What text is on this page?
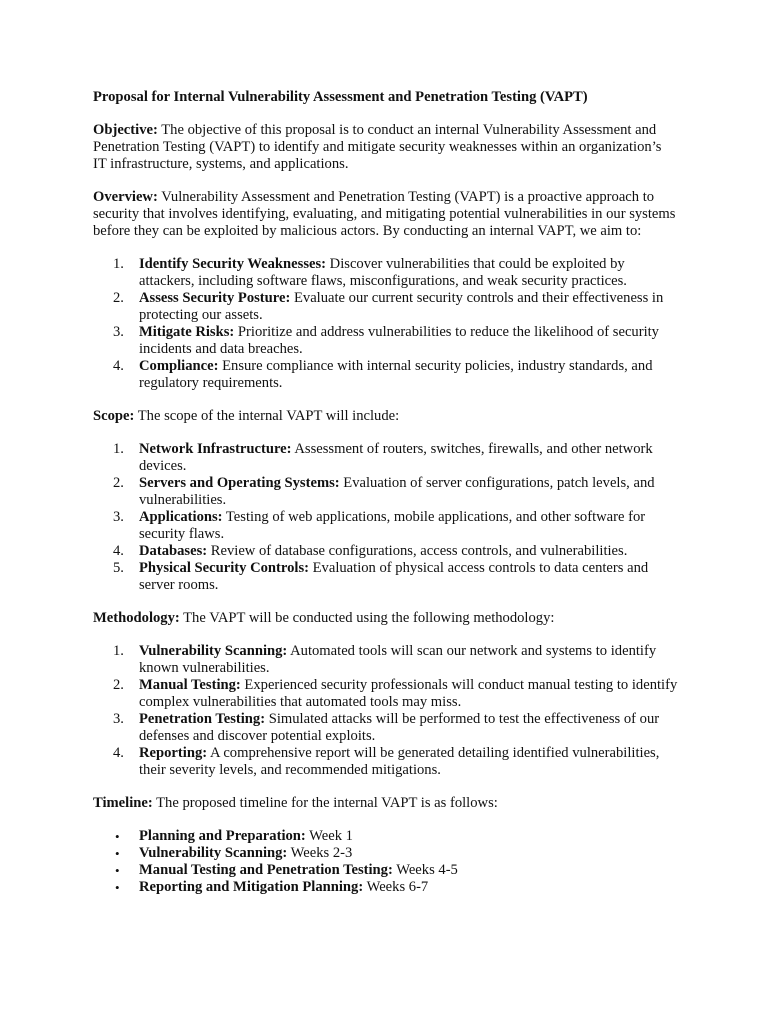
Proposal for Internal Vulnerability Assessment and Penetration Testing (VAPT)

Objective: The objective of this proposal is to conduct an internal Vulnerability Assessment and Penetration Testing (VAPT) to identify and mitigate security weaknesses within an organization’s IT infrastructure, systems, and applications.

Overview: Vulnerability Assessment and Penetration Testing (VAPT) is a proactive approach to security that involves identifying, evaluating, and mitigating potential vulnerabilities in our systems before they can be exploited by malicious actors. By conducting an internal VAPT, we aim to:

1. Identify Security Weaknesses: Discover vulnerabilities that could be exploited by attackers, including software flaws, misconfigurations, and weak security practices.
2. Assess Security Posture: Evaluate our current security controls and their effectiveness in protecting our assets.
3. Mitigate Risks: Prioritize and address vulnerabilities to reduce the likelihood of security incidents and data breaches.
4. Compliance: Ensure compliance with internal security policies, industry standards, and regulatory requirements.

Scope: The scope of the internal VAPT will include:

1. Network Infrastructure: Assessment of routers, switches, firewalls, and other network devices.
2. Servers and Operating Systems: Evaluation of server configurations, patch levels, and vulnerabilities.
3. Applications: Testing of web applications, mobile applications, and other software for security flaws.
4. Databases: Review of database configurations, access controls, and vulnerabilities.
5. Physical Security Controls: Evaluation of physical access controls to data centers and server rooms.

Methodology: The VAPT will be conducted using the following methodology:

1. Vulnerability Scanning: Automated tools will scan our network and systems to identify known vulnerabilities.
2. Manual Testing: Experienced security professionals will conduct manual testing to identify complex vulnerabilities that automated tools may miss.
3. Penetration Testing: Simulated attacks will be performed to test the effectiveness of our defenses and discover potential exploits.
4. Reporting: A comprehensive report will be generated detailing identified vulnerabilities, their severity levels, and recommended mitigations.

Timeline: The proposed timeline for the internal VAPT is as follows:

• Planning and Preparation: Week 1
• Vulnerability Scanning: Weeks 2-3
• Manual Testing and Penetration Testing: Weeks 4-5
• Reporting and Mitigation Planning: Weeks 6-7
